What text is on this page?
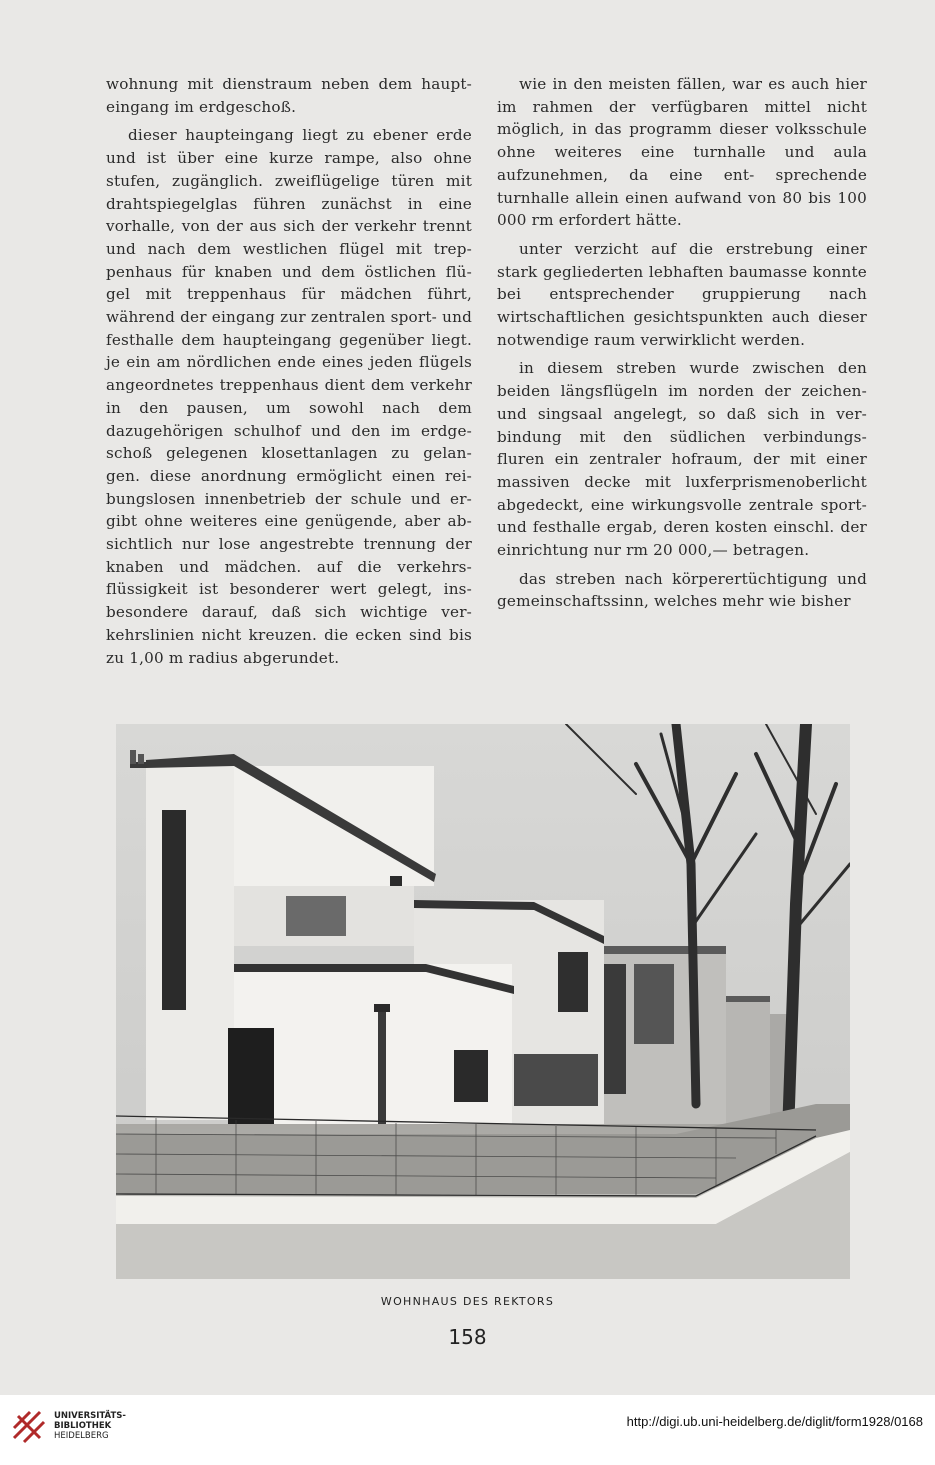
wohnung mit dienstraum neben dem haupt- eingang im erdgeschoß.

dieser haupteingang liegt zu ebener erde und ist über eine kurze rampe, also ohne stufen, zugänglich. zweiflügelige türen mit drahtspiegelglas führen zunächst in eine vorhalle, von der aus sich der verkehr trennt und nach dem westlichen flügel mit trep- penhaus für knaben und dem östlichen flü- gel mit treppenhaus für mädchen führt, während der eingang zur zentralen sport- und festhalle dem haupteingang gegenüber liegt. je ein am nördlichen ende eines jeden flügels angeordnetes treppenhaus dient dem verkehr in den pausen, um sowohl nach dem dazugehörigen schulhof und den im erdge- schoß gelegenen klosettanlagen zu gelan- gen. diese anordnung ermöglicht einen rei- bungslosen innenbetrieb der schule und er- gibt ohne weiteres eine genügende, aber ab- sichtlich nur lose angestrebte trennung der knaben und mädchen. auf die verkehrs- flüssigkeit ist besonderer wert gelegt, ins- besondere darauf, daß sich wichtige ver- kehrslinien nicht kreuzen. die ecken sind bis zu 1,00 m radius abgerundet.

wie in den meisten fällen, war es auch hier im rahmen der verfügbaren mittel nicht möglich, in das programm dieser volksschule ohne weiteres eine turnhalle und aula aufzunehmen, da eine ent- sprechende turnhalle allein einen aufwand von 80 bis 100 000 rm erfordert hätte.

unter verzicht auf die erstrebung einer stark gegliederten lebhaften baumasse konnte bei entsprechender gruppierung nach wirtschaftlichen gesichtspunkten auch dieser notwendige raum verwirklicht werden.

in diesem streben wurde zwischen den beiden längsflügeln im norden der zeichen- und singsaal angelegt, so daß sich in ver- bindung mit den südlichen verbindungs- fluren ein zentraler hofraum, der mit einer massiven decke mit luxferprismenoberlicht abgedeckt, eine wirkungsvolle zentrale sport- und festhalle ergab, deren kosten einschl. der einrichtung nur rm 20 000,— betragen.

das streben nach körperertüchtigung und gemeinschaftssinn, welches mehr wie bisher

WOHNHAUS DES REKTORS
158
UNIVERSITÄTS-
BIBLIOTHEK
HEIDELBERG
http://digi.ub.uni-heidelberg.de/diglit/form1928/0168
